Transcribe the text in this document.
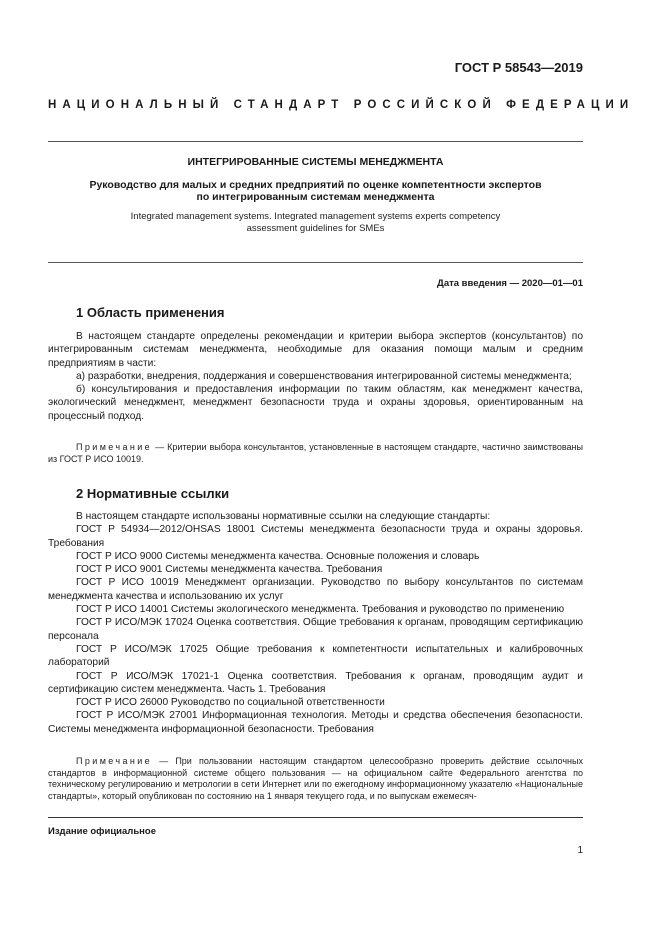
ГОСТ Р 58543—2019
НАЦИОНАЛЬНЫЙ СТАНДАРТ РОССИЙСКОЙ ФЕДЕРАЦИИ
ИНТЕГРИРОВАННЫЕ СИСТЕМЫ МЕНЕДЖМЕНТА
Руководство для малых и средних предприятий по оценке компетентности экспертов
по интегрированным системам менеджмента
Integrated management systems. Integrated management systems experts competency
assessment guidelines for SMEs
Дата введения — 2020—01—01
1 Область применения

В настоящем стандарте определены рекомендации и критерии выбора экспертов (консультантов) по интегрированным системам менеджмента, необходимые для оказания помощи малым и средним предприятиям в части:

а) разработки, внедрения, поддержания и совершенствования интегрированной системы менеджмента;

б) консультирования и предоставления информации по таким областям, как менеджмент качества, экологический менеджмент, менеджмент безопасности труда и охраны здоровья, ориентированным на процессный подход.

Примечание — Критерии выбора консультантов, установленные в настоящем стандарте, частично заимствованы из ГОСТ Р ИСО 10019.

2 Нормативные ссылки

В настоящем стандарте использованы нормативные ссылки на следующие стандарты:

ГОСТ Р 54934—2012/OHSAS 18001 Системы менеджмента безопасности труда и охраны здоровья. Требования

ГОСТ Р ИСО 9000 Системы менеджмента качества. Основные положения и словарь

ГОСТ Р ИСО 9001 Системы менеджмента качества. Требования

ГОСТ Р ИСО 10019 Менеджмент организации. Руководство по выбору консультантов по системам менеджмента качества и использованию их услуг

ГОСТ Р ИСО 14001 Системы экологического менеджмента. Требования и руководство по применению

ГОСТ Р ИСО/МЭК 17024 Оценка соответствия. Общие требования к органам, проводящим сертификацию персонала

ГОСТ Р ИСО/МЭК 17025 Общие требования к компетентности испытательных и калибровочных лабораторий

ГОСТ Р ИСО/МЭК 17021-1 Оценка соответствия. Требования к органам, проводящим аудит и сертификацию систем менеджмента. Часть 1. Требования

ГОСТ Р ИСО 26000 Руководство по социальной ответственности

ГОСТ Р ИСО/МЭК 27001 Информационная технология. Методы и средства обеспечения безопасности. Системы менеджмента информационной безопасности. Требования

Примечание — При пользовании настоящим стандартом целесообразно проверить действие ссылочных стандартов в информационной системе общего пользования — на официальном сайте Федерального агентства по техническому регулированию и метрологии в сети Интернет или по ежегодному информационному указателю «Национальные стандарты», который опубликован по состоянию на 1 января текущего года, и по выпускам ежемесяч-

Издание официальное
1
